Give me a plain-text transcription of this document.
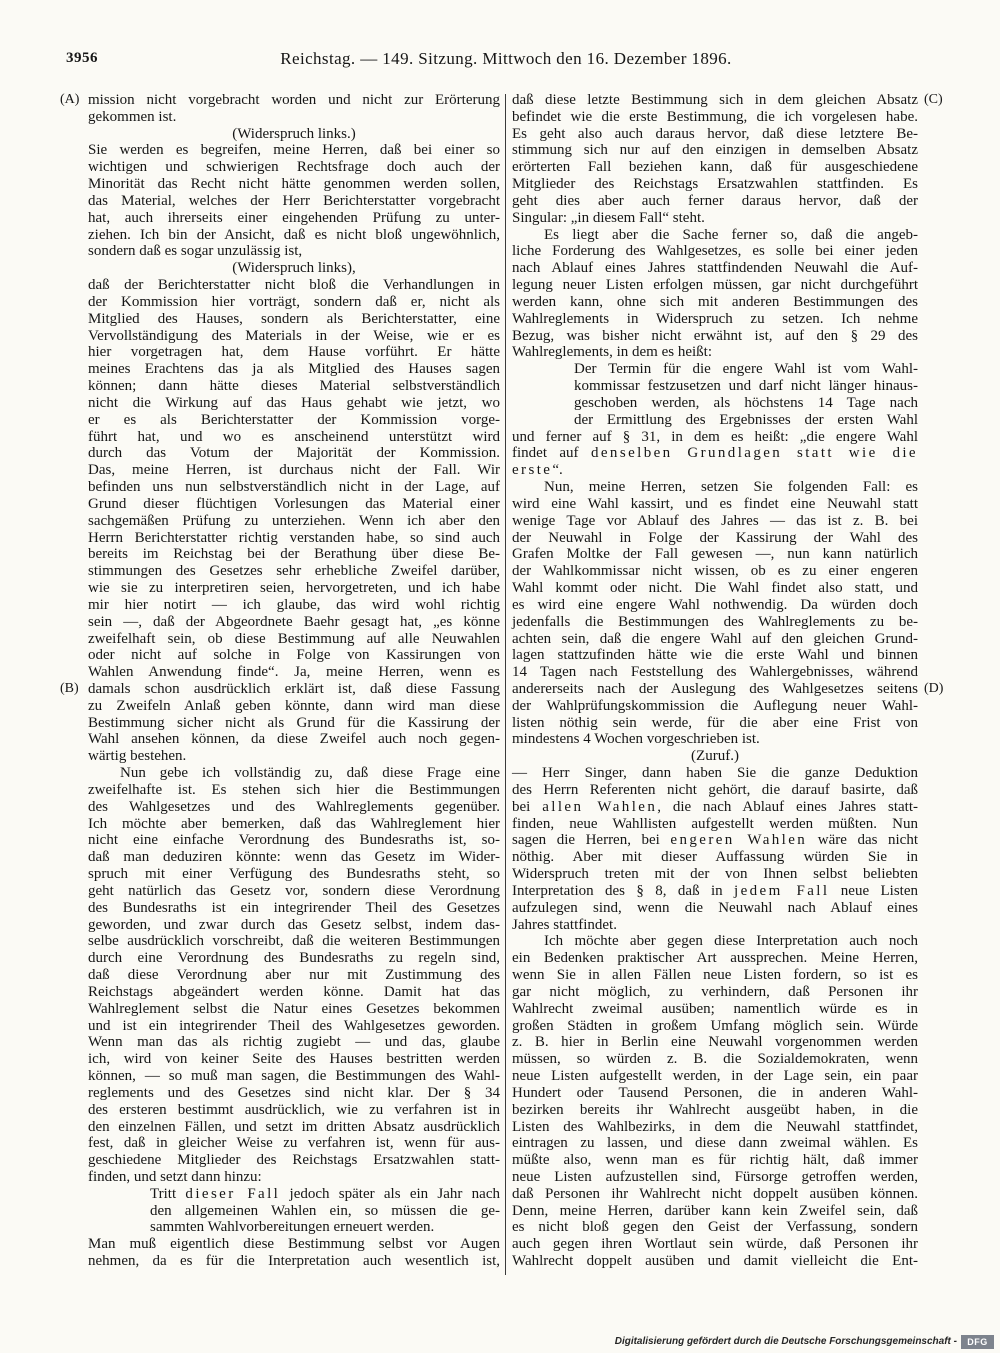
3956	Reichstag. — 149. Sitzung. Mittwoch den 16. Dezember 1896.
(A)
(B)
(C)
(D)
mission nicht vorgebracht worden und nicht zur Erörterung
gekommen ist.
(Widerspruch links.)
Sie werden es begreifen, meine Herren, daß bei einer so
wichtigen und schwierigen Rechtsfrage doch auch der
Minorität das Recht nicht hätte genommen werden sollen,
das Material, welches der Herr Berichterstatter vorgebracht
hat, auch ihrerseits einer eingehenden Prüfung zu unter-
ziehen. Ich bin der Ansicht, daß es nicht bloß ungewöhnlich,
sondern daß es sogar unzulässig ist,
(Widerspruch links),
daß der Berichterstatter nicht bloß die Verhandlungen in
der Kommission hier vorträgt, sondern daß er, nicht als
Mitglied des Hauses, sondern als Berichterstatter, eine
Vervollständigung des Materials in der Weise, wie er es
hier vorgetragen hat, dem Hause vorführt. Er hätte
meines Erachtens das ja als Mitglied des Hauses sagen
können; dann hätte dieses Material selbstverständlich
nicht die Wirkung auf das Haus gehabt wie jetzt, wo
er es als Berichterstatter der Kommission vorge-
führt hat, und wo es anscheinend unterstützt wird
durch das Votum der Majorität der Kommission.
Das, meine Herren, ist durchaus nicht der Fall. Wir
befinden uns nun selbstverständlich nicht in der Lage, auf
Grund dieser flüchtigen Vorlesungen das Material einer
sachgemäßen Prüfung zu unterziehen. Wenn ich aber den
Herrn Berichterstatter richtig verstanden habe, so sind auch
bereits im Reichstag bei der Berathung über diese Be-
stimmungen des Gesetzes sehr erhebliche Zweifel darüber,
wie sie zu interpretiren seien, hervorgetreten, und ich habe
mir hier notirt — ich glaube, das wird wohl richtig
sein —, daß der Abgeordnete Baehr gesagt hat, „es könne
zweifelhaft sein, ob diese Bestimmung auf alle Neuwahlen
oder nicht auf solche in Folge von Kassirungen von
Wahlen Anwendung finde“. Ja, meine Herren, wenn es
damals schon ausdrücklich erklärt ist, daß diese Fassung
zu Zweifeln Anlaß geben könnte, dann wird man diese
Bestimmung sicher nicht als Grund für die Kassirung der
Wahl ansehen können, da diese Zweifel auch noch gegen-
wärtig bestehen.
Nun gebe ich vollständig zu, daß diese Frage eine
zweifelhafte ist. Es stehen sich hier die Bestimmungen
des Wahlgesetzes und des Wahlreglements gegenüber.
Ich möchte aber bemerken, daß das Wahlreglement hier
nicht eine einfache Verordnung des Bundesraths ist, so-
daß man deduziren könnte: wenn das Gesetz im Wider-
spruch mit einer Verfügung des Bundesraths steht, so
geht natürlich das Gesetz vor, sondern diese Verordnung
des Bundesraths ist ein integrirender Theil des Gesetzes
geworden, und zwar durch das Gesetz selbst, indem das-
selbe ausdrücklich vorschreibt, daß die weiteren Bestimmungen
durch eine Verordnung des Bundesraths zu regeln sind,
daß diese Verordnung aber nur mit Zustimmung des
Reichstags abgeändert werden könne. Damit hat das
Wahlreglement selbst die Natur eines Gesetzes bekommen
und ist ein integrirender Theil des Wahlgesetzes geworden.
Wenn man das als richtig zugiebt — und das, glaube
ich, wird von keiner Seite des Hauses bestritten werden
können, — so muß man sagen, die Bestimmungen des Wahl-
reglements und des Gesetzes sind nicht klar. Der § 34
des ersteren bestimmt ausdrücklich, wie zu verfahren ist in
den einzelnen Fällen, und setzt im dritten Absatz ausdrücklich
fest, daß in gleicher Weise zu verfahren ist, wenn für aus-
geschiedene Mitglieder des Reichstags Ersatzwahlen statt-
finden, und setzt dann hinzu:
Tritt dieser Fall jedoch später als ein Jahr nach
den allgemeinen Wahlen ein, so müssen die ge-
sammten Wahlvorbereitungen erneuert werden.
Man muß eigentlich diese Bestimmung selbst vor Augen
nehmen, da es für die Interpretation auch wesentlich ist,
daß diese letzte Bestimmung sich in dem gleichen Absatz
befindet wie die erste Bestimmung, die ich vorgelesen habe.
Es geht also auch daraus hervor, daß diese letztere Be-
stimmung sich nur auf den einzigen in demselben Absatz
erörterten Fall beziehen kann, daß für ausgeschiedene
Mitglieder des Reichstags Ersatzwahlen stattfinden. Es
geht dies aber auch ferner daraus hervor, daß der
Singular: „in diesem Fall“ steht.
Es liegt aber die Sache ferner so, daß die angeb-
liche Forderung des Wahlgesetzes, es solle bei einer jeden
nach Ablauf eines Jahres stattfindenden Neuwahl die Auf-
legung neuer Listen erfolgen müssen, gar nicht durchgeführt
werden kann, ohne sich mit anderen Bestimmungen des
Wahlreglements in Widerspruch zu setzen. Ich nehme
Bezug, was bisher nicht erwähnt ist, auf den § 29 des
Wahlreglements, in dem es heißt:
Der Termin für die engere Wahl ist vom Wahl-
kommissar festzusetzen und darf nicht länger hinaus-
geschoben werden, als höchstens 14 Tage nach
der Ermittlung des Ergebnisses der ersten Wahl
und ferner auf § 31, in dem es heißt: „die engere Wahl
findet auf denselben Grundlagen statt wie die
erste“.
Nun, meine Herren, setzen Sie folgenden Fall: es
wird eine Wahl kassirt, und es findet eine Neuwahl statt
wenige Tage vor Ablauf des Jahres — das ist z. B. bei
der Neuwahl in Folge der Kassirung der Wahl des
Grafen Moltke der Fall gewesen —, nun kann natürlich
der Wahlkommissar nicht wissen, ob es zu einer engeren
Wahl kommt oder nicht. Die Wahl findet also statt, und
es wird eine engere Wahl nothwendig. Da würden doch
jedenfalls die Bestimmungen des Wahlreglements zu be-
achten sein, daß die engere Wahl auf den gleichen Grund-
lagen stattzufinden hätte wie die erste Wahl und binnen
14 Tagen nach Feststellung des Wahlergebnisses, während
andererseits nach der Auslegung des Wahlgesetzes seitens
der Wahlprüfungskommission die Auflegung neuer Wahl-
listen nöthig sein werde, für die aber eine Frist von
mindestens 4 Wochen vorgeschrieben ist.
(Zuruf.)
— Herr Singer, dann haben Sie die ganze Deduktion
des Herrn Referenten nicht gehört, die darauf basirte, daß
bei allen Wahlen, die nach Ablauf eines Jahres statt-
finden, neue Wahllisten aufgestellt werden müßten. Nun
sagen die Herren, bei engeren Wahlen wäre das nicht
nöthig. Aber mit dieser Auffassung würden Sie in
Widerspruch treten mit der von Ihnen selbst beliebten
Interpretation des § 8, daß in jedem Fall neue Listen
aufzulegen sind, wenn die Neuwahl nach Ablauf eines
Jahres stattfindet.
Ich möchte aber gegen diese Interpretation auch noch
ein Bedenken praktischer Art aussprechen. Meine Herren,
wenn Sie in allen Fällen neue Listen fordern, so ist es
gar nicht möglich, zu verhindern, daß Personen ihr
Wahlrecht zweimal ausüben; namentlich würde es in
großen Städten in großem Umfang möglich sein. Würde
z. B. hier in Berlin eine Neuwahl vorgenommen werden
müssen, so würden z. B. die Sozialdemokraten, wenn
neue Listen aufgestellt werden, in der Lage sein, ein paar
Hundert oder Tausend Personen, die in anderen Wahl-
bezirken bereits ihr Wahlrecht ausgeübt haben, in die
Listen des Wahlbezirks, in dem die Neuwahl stattfindet,
eintragen zu lassen, und diese dann zweimal wählen. Es
müßte also, wenn man es für richtig hält, daß immer
neue Listen aufzustellen sind, Fürsorge getroffen werden,
daß Personen ihr Wahlrecht nicht doppelt ausüben können.
Denn, meine Herren, darüber kann kein Zweifel sein, daß
es nicht bloß gegen den Geist der Verfassung, sondern
auch gegen ihren Wortlaut sein würde, daß Personen ihr
Wahlrecht doppelt ausüben und damit vielleicht die Ent-
Digitalisierung gefördert durch die Deutsche Forschungsgemeinschaft -	DFG
